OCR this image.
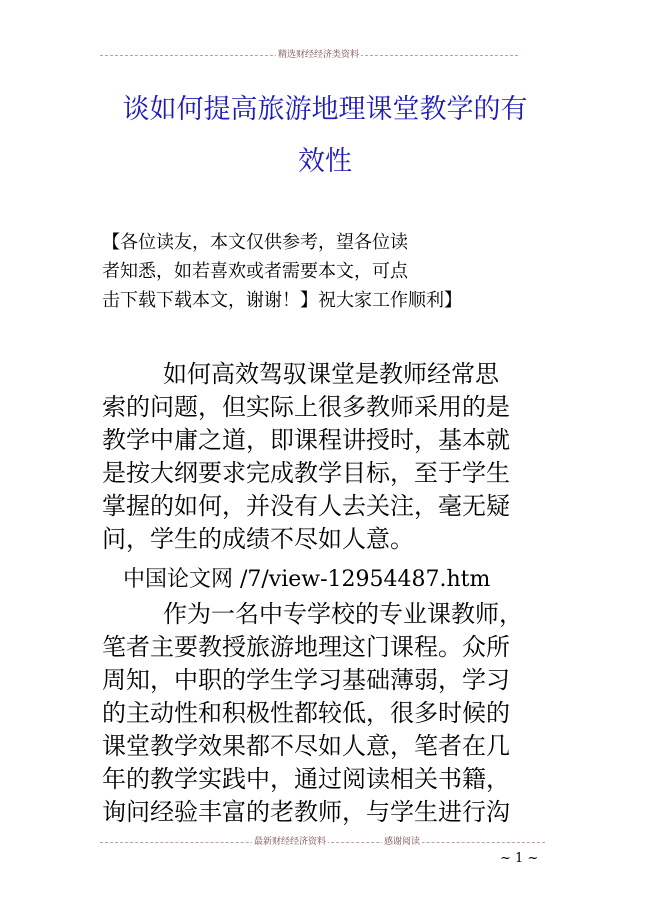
精选财经经济类资料
谈如何提高旅游地理课堂教学的有
效性
【各位读友，本文仅供参考，望各位读
者知悉，如若喜欢或者需要本文，可点
击下载下载本文，谢谢！】祝大家工作顺利】
如何高效驾驭课堂是教师经常思
索的问题，但实际上很多教师采用的是
教学中庸之道，即课程讲授时，基本就
是按大纲要求完成教学目标，至于学生
掌握的如何，并没有人去关注，毫无疑
问，学生的成绩不尽如人意。
中国论文网 /7/view-12954487.htm
作为一名中专学校的专业课教师，
笔者主要教授旅游地理这门课程。众所
周知，中职的学生学习基础薄弱，学习
的主动性和积极性都较低，很多时候的
课堂教学效果都不尽如人意，笔者在几
年的教学实践中，通过阅读相关书籍，
询问经验丰富的老教师，与学生进行沟
最新财经经济资料	感谢阅读
~ 1 ~
